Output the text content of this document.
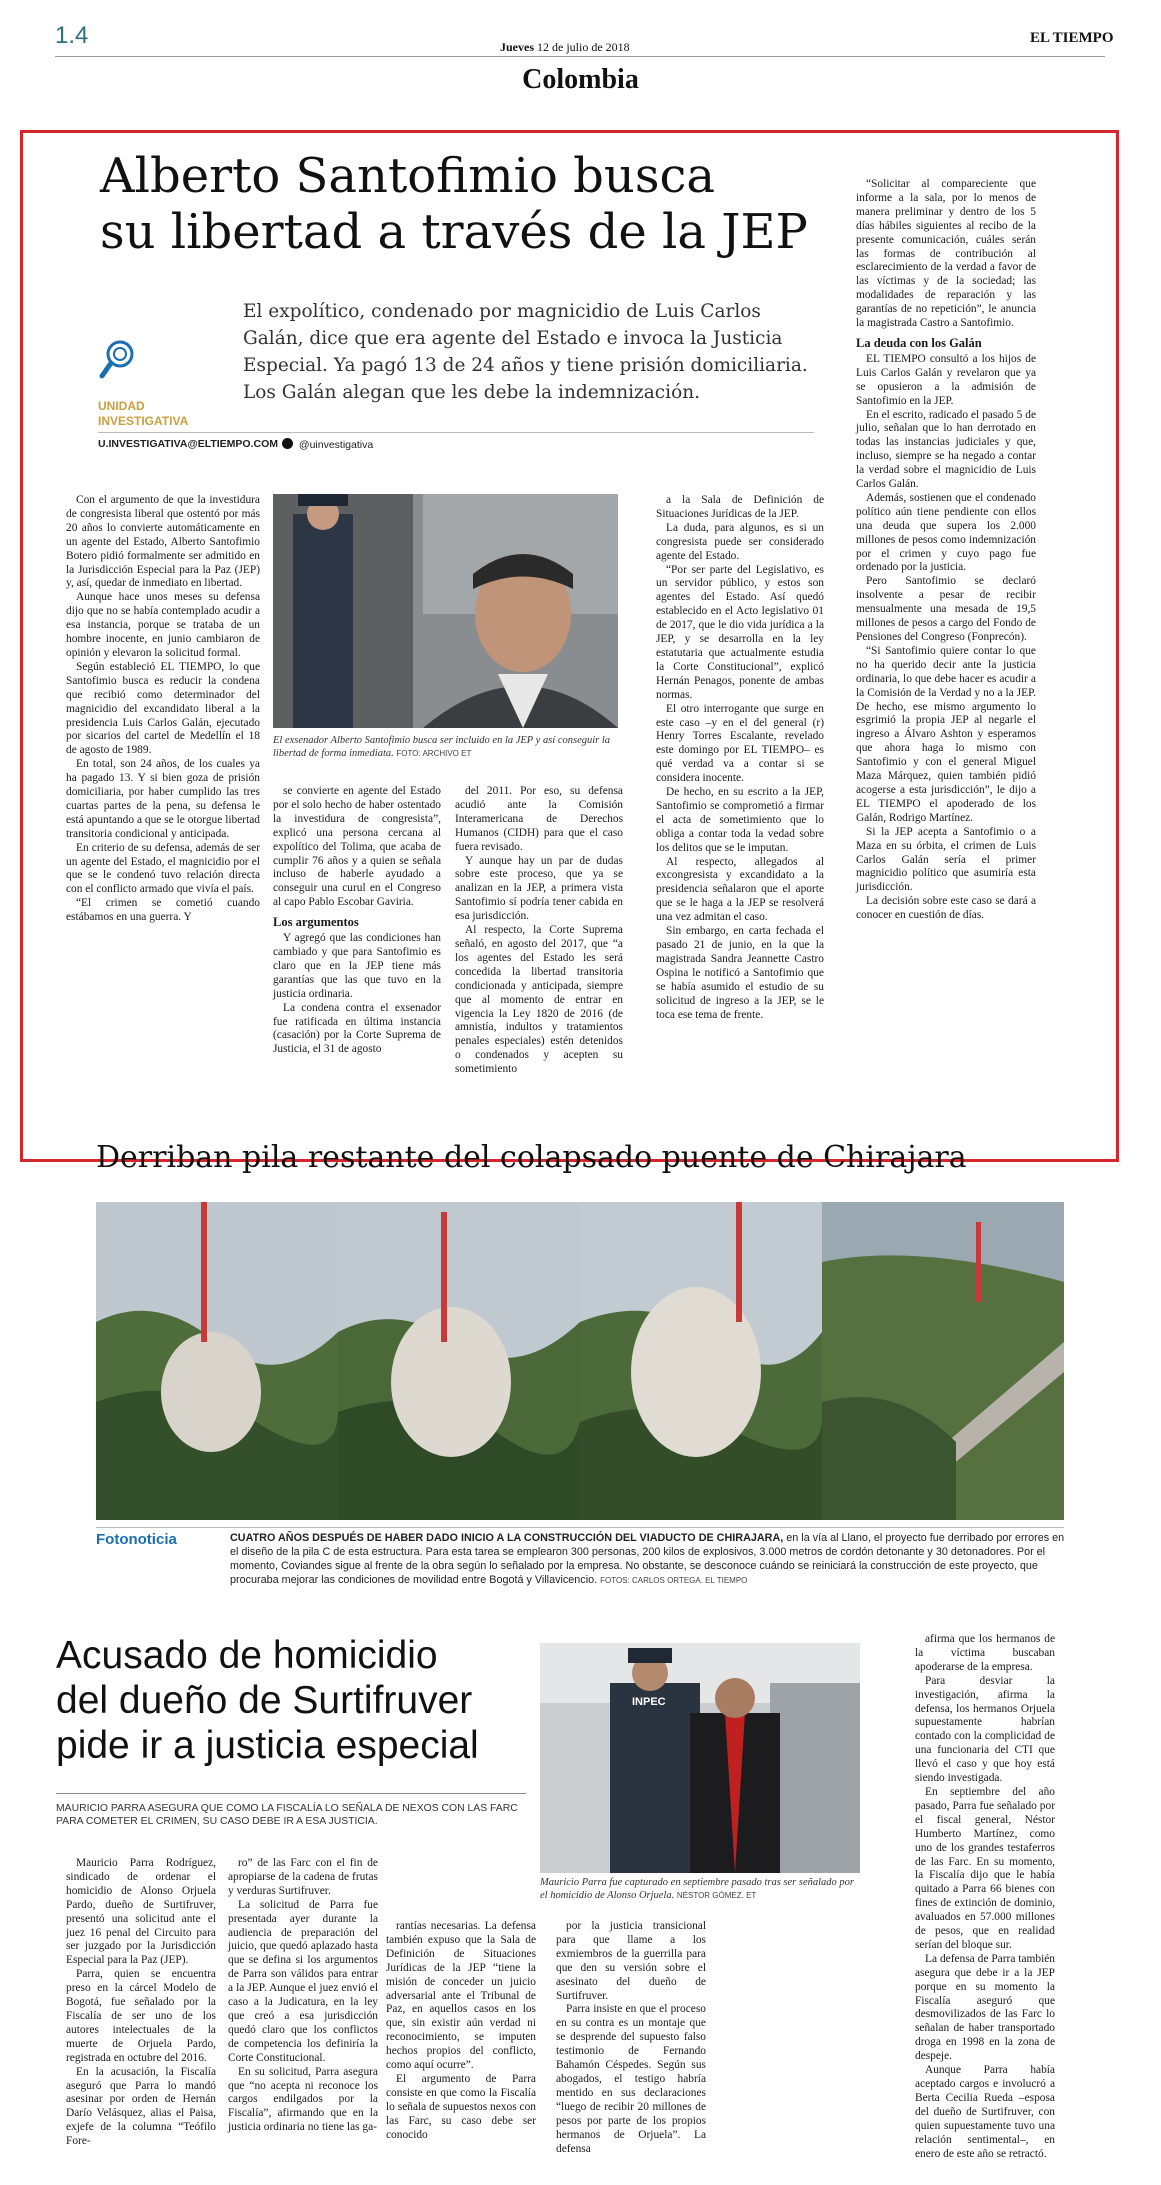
1.4	Jueves 12 de julio de 2018
Colombia
EL TIEMPO
Alberto Santofimio busca
su libertad a través de la JEP
UNIDAD
INVESTIGATIVA
El expolítico, condenado por magnicidio de Luis Carlos Galán, dice que era agente del Estado e invoca la Justicia Especial. Ya pagó 13 de 24 años y tiene prisión domiciliaria. Los Galán alegan que les debe la indemnización.
U.INVESTIGATIVA@ELTIEMPO.COM	@uinvestigativa
El exsenador Alberto Santofimio busca ser incluido en la JEP y así conseguir la libertad de forma inmediata. FOTO: ARCHIVO ET

Con el argumento de que la investidura de congresista liberal que ostentó por más 20 años lo convierte automáticamente en un agente del Estado, Alberto Santofimio Botero pidió formalmente ser admitido en la Jurisdicción Especial para la Paz (JEP) y, así, quedar de inmediato en libertad.

Aunque hace unos meses su defensa dijo que no se había contemplado acudir a esa instancia, porque se trataba de un hombre inocente, en junio cambiaron de opinión y elevaron la solicitud formal.

Según estableció EL TIEMPO, lo que Santofimio busca es reducir la condena que recibió como determinador del magnicidio del excandidato liberal a la presidencia Luis Carlos Galán, ejecutado por sicarios del cartel de Medellín el 18 de agosto de 1989.

En total, son 24 años, de los cuales ya ha pagado 13. Y si bien goza de prisión domiciliaria, por haber cumplido las tres cuartas partes de la pena, su defensa le está apuntando a que se le otorgue libertad transitoria condicional y anticipada.

En criterio de su defensa, además de ser un agente del Estado, el magnicidio por el que se le condenó tuvo relación directa con el conflicto armado que vivía el país.

“El crimen se cometió cuando estábamos en una guerra. Y

se convierte en agente del Estado por el solo hecho de haber ostentado la investidura de congresista”, explicó una persona cercana al expolítico del Tolima, que acaba de cumplir 76 años y a quien se señala incluso de haberle ayudado a conseguir una curul en el Congreso al capo Pablo Escobar Gaviria.

Los argumentos

Y agregó que las condiciones han cambiado y que para Santofimio es claro que en la JEP tiene más garantías que las que tuvo en la justicia ordinaria.

La condena contra el exsenador fue ratificada en última instancia (casación) por la Corte Suprema de Justicia, el 31 de agosto

del 2011. Por eso, su defensa acudió ante la Comisión Interamericana de Derechos Humanos (CIDH) para que el caso fuera revisado.

Y aunque hay un par de dudas sobre este proceso, que ya se analizan en la JEP, a primera vista Santofimio sí podría tener cabida en esa jurisdicción.

Al respecto, la Corte Suprema señaló, en agosto del 2017, que “a los agentes del Estado les será concedida la libertad transitoria condicionada y anticipada, siempre que al momento de entrar en vigencia la Ley 1820 de 2016 (de amnistía, indultos y tratamientos penales especiales) estén detenidos o condenados y acepten su sometimiento

a la Sala de Definición de Situaciones Jurídicas de la JEP.

La duda, para algunos, es si un congresista puede ser considerado agente del Estado.

“Por ser parte del Legislativo, es un servidor público, y estos son agentes del Estado. Así quedó establecido en el Acto legislativo 01 de 2017, que le dio vida jurídica a la JEP, y se desarrolla en la ley estatutaria que actualmente estudia la Corte Constitucional”, explicó Hernán Penagos, ponente de ambas normas.

El otro interrogante que surge en este caso –y en el del general (r) Henry Torres Escalante, revelado este domingo por EL TIEMPO– es qué verdad va a contar si se considera inocente.

De hecho, en su escrito a la JEP, Santofimio se comprometió a firmar el acta de sometimiento que lo obliga a contar toda la vedad sobre los delitos que se le imputan.

Al respecto, allegados al excongresista y excandidato a la presidencia señalaron que el aporte que se le haga a la JEP se resolverá una vez admitan el caso.

Sin embargo, en carta fechada el pasado 21 de junio, en la que la magistrada Sandra Jeannette Castro Ospina le notificó a Santofimio que se había asumido el estudio de su solicitud de ingreso a la JEP, se le toca ese tema de frente.

“Solicitar al compareciente que informe a la sala, por lo menos de manera preliminar y dentro de los 5 días hábiles siguientes al recibo de la presente comunicación, cuáles serán las formas de contribución al esclarecimiento de la verdad a favor de las víctimas y de la sociedad; las modalidades de reparación y las garantías de no repetición”, le anuncia la magistrada Castro a Santofimio.

La deuda con los Galán

EL TIEMPO consultó a los hijos de Luis Carlos Galán y revelaron que ya se opusieron a la admisión de Santofimio en la JEP.

En el escrito, radicado el pasado 5 de julio, señalan que lo han derrotado en todas las instancias judiciales y que, incluso, siempre se ha negado a contar la verdad sobre el magnicidio de Luis Carlos Galán.

Además, sostienen que el condenado político aún tiene pendiente con ellos una deuda que supera los 2.000 millones de pesos como indemnización por el crimen y cuyo pago fue ordenado por la justicia.

Pero Santofimio se declaró insolvente a pesar de recibir mensualmente una mesada de 19,5 millones de pesos a cargo del Fondo de Pensiones del Congreso (Fonprecón).

“Si Santofimio quiere contar lo que no ha querido decir ante la justicia ordinaria, lo que debe hacer es acudir a la Comisión de la Verdad y no a la JEP. De hecho, ese mismo argumento lo esgrimió la propia JEP al negarle el ingreso a Álvaro Ashton y esperamos que ahora haga lo mismo con Santofimio y con el general Miguel Maza Márquez, quien también pidió acogerse a esta jurisdicción”, le dijo a EL TIEMPO el apoderado de los Galán, Rodrigo Martínez.

Si la JEP acepta a Santofimio o a Maza en su órbita, el crimen de Luis Carlos Galán sería el primer magnicidio político que asumiría esta jurisdicción.

La decisión sobre este caso se dará a conocer en cuestión de días.

Derriban pila restante del colapsado puente de Chirajara
Fotonoticia	CUATRO AÑOS DESPUÉS DE HABER DADO INICIO A LA CONSTRUCCIÓN DEL VIADUCTO DE CHIRAJARA, en la vía al Llano, el proyecto fue derribado por errores en el diseño de la pila C de esta estructura. Para esta tarea se emplearon 300 personas, 200 kilos de explosivos, 3.000 metros de cordón detonante y 30 detonadores. Por el momento, Coviandes sigue al frente de la obra según lo señalado por la empresa. No obstante, se desconoce cuándo se reiniciará la construcción de este proyecto, que procuraba mejorar las condiciones de movilidad entre Bogotá y Villavicencio. FOTOS: CARLOS ORTEGA. EL TIEMPO
Acusado de homicidio
del dueño de Surtifruver
pide ir a justicia especial
MAURICIO PARRA ASEGURA QUE COMO LA FISCALÍA LO SEÑALA DE NEXOS CON LAS FARC PARA COMETER EL CRIMEN, SU CASO DEBE IR A ESA JUSTICIA.
INPEC
Mauricio Parra fue capturado en septiembre pasado tras ser señalado por el homicidio de Alonso Orjuela. NÉSTOR GÓMEZ. ET

Mauricio Parra Rodríguez, sindicado de ordenar el homicidio de Alonso Orjuela Pardo, dueño de Surtifruver, presentó una solicitud ante el juez 16 penal del Circuito para ser juzgado por la Jurisdicción Especial para la Paz (JEP).

Parra, quien se encuentra preso en la cárcel Modelo de Bogotá, fue señalado por la Fiscalía de ser uno de los autores intelectuales de la muerte de Orjuela Pardo, registrada en octubre del 2016.

En la acusación, la Fiscalía aseguró que Parra lo mandó asesinar por orden de Hernán Darío Velásquez, alias el Paisa, exjefe de la columna “Teófilo Fore-

ro” de las Farc con el fin de apropiarse de la cadena de frutas y verduras Surtifruver.

La solicitud de Parra fue presentada ayer durante la audiencia de preparación del juicio, que quedó aplazado hasta que se defina si los argumentos de Parra son válidos para entrar a la JEP. Aunque el juez envió el caso a la Judicatura, en la ley que creó a esa jurisdicción quedó claro que los conflictos de competencia los definiría la Corte Constitucional.

En su solicitud, Parra asegura que “no acepta ni reconoce los cargos endilgados por la Fiscalía”, afirmando que en la justicia ordinaria no tiene las ga-

rantías necesarias. La defensa también expuso que la Sala de Definición de Situaciones Jurídicas de la JEP “tiene la misión de conceder un juicio adversarial ante el Tribunal de Paz, en aquellos casos en los que, sin existir aún verdad ni reconocimiento, se imputen hechos propios del conflicto, como aquí ocurre”.

El argumento de Parra consiste en que como la Fiscalía lo señala de supuestos nexos con las Farc, su caso debe ser conocido

por la justicia transicional para que llame a los exmiembros de la guerrilla para que den su versión sobre el asesinato del dueño de Surtifruver.

Parra insiste en que el proceso en su contra es un montaje que se desprende del supuesto falso testimonio de Fernando Bahamón Céspedes. Según sus abogados, el testigo habría mentido en sus declaraciones “luego de recibir 20 millones de pesos por parte de los propios hermanos de Orjuela”. La defensa

afirma que los hermanos de la víctima buscaban apoderarse de la empresa.

Para desviar la investigación, afirma la defensa, los hermanos Orjuela supuestamente habrían contado con la complicidad de una funcionaria del CTI que llevó el caso y que hoy está siendo investigada.

En septiembre del año pasado, Parra fue señalado por el fiscal general, Néstor Humberto Martínez, como uno de los grandes testaferros de las Farc. En su momento, la Fiscalía dijo que le había quitado a Parra 66 bienes con fines de extinción de dominio, avaluados en 57.000 millones de pesos, que en realidad serían del bloque sur.

La defensa de Parra también asegura que debe ir a la JEP porque en su momento la Fiscalía aseguró que desmovilizados de las Farc lo señalan de haber transportado droga en 1998 en la zona de despeje.

Aunque Parra había aceptado cargos e involucró a Berta Cecilia Rueda –esposa del dueño de Surtifruver, con quien supuestamente tuvo una relación sentimental–, en enero de este año se retractó.
